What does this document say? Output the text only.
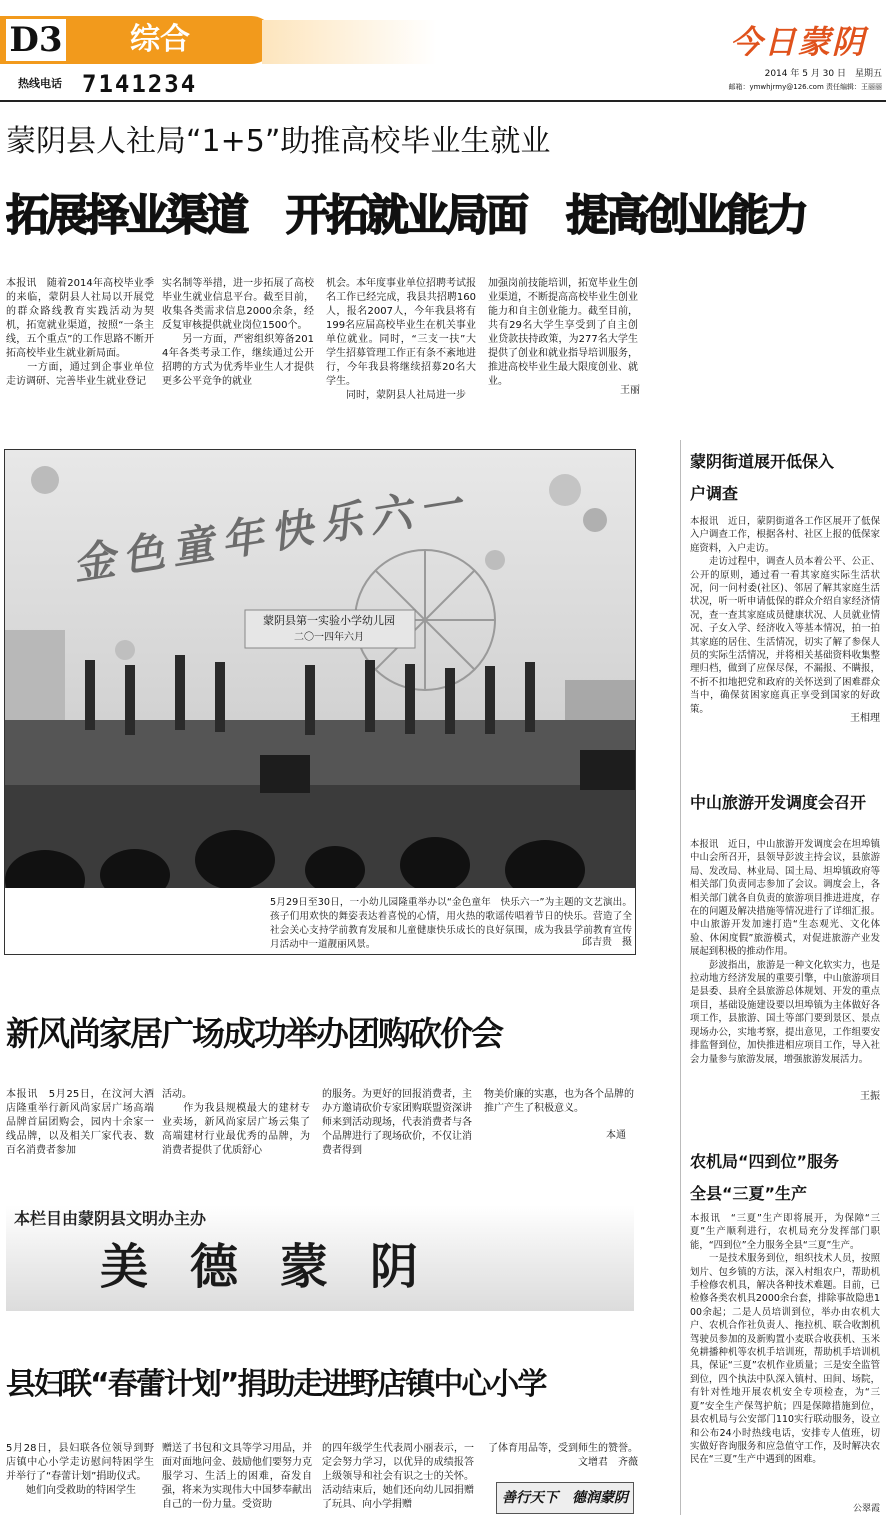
D3 综合	今日蒙阴
热线电话 7141234	2014 年 5 月 30 日　星期五
邮箱：ymwhjrmy@126.com 责任编辑：王丽丽
蒙阴县人社局“1+5”助推高校毕业生就业
拓展择业渠道　开拓就业局面　提高创业能力
本报讯　随着2014年高校毕业季的来临，蒙阴县人社局以开展党的群众路线教育实践活动为契机，拓宽就业渠道，按照“一条主线，五个重点”的工作思路不断开拓高校毕业生就业新局面。
　　一方面，通过到企事业单位走访调研、完善毕业生就业登记
实名制等举措，进一步拓展了高校毕业生就业信息平台。截至目前，收集各类需求信息2000余条，经反复审核提供就业岗位1500个。
　　另一方面，严密组织筹备2014年各类考录工作，继续通过公开招聘的方式为优秀毕业生人才提供更多公平竞争的就业
机会。本年度事业单位招聘考试报名工作已经完成，我县共招聘160人，报名2007人，今年我县将有199名应届高校毕业生在机关事业单位就业。同时，“三支一扶”大学生招募管理工作正有条不紊地进行，今年我县将继续招募20名大学生。
　　同时，蒙阴县人社局进一步
加强岗前技能培训，拓宽毕业生创业渠道，不断提高高校毕业生创业能力和自主创业能力。截至目前，共有29名大学生享受到了自主创业贷款扶持政策，为277名大学生提供了创业和就业指导培训服务，推进高校毕业生最大限度创业、就业。
王丽
金色童年快乐六一
蒙阴县第一实验小学幼儿园
二〇一四年六月
5月29日至30日，一小幼儿园隆重举办以“金色童年　快乐六一”为主题的文艺演出。孩子们用欢快的舞姿表达着喜悦的心情，用火热的歌谣传唱着节日的快乐。营造了全社会关心支持学前教育发展和儿童健康快乐成长的良好氛围，成为我县学前教育宣传月活动中一道靓丽风景。	邱吉贵　摄
新风尚家居广场成功举办团购砍价会
本报讯　5月25日，在汶河大酒店隆重举行新风尚家居广场高端品牌首届团购会，园内十余家一线品牌，以及相关厂家代表、数百名消费者参加
活动。
　　作为我县规模最大的建材专业卖场，新风尚家居广场云集了高端建材行业最优秀的品牌，为消费者提供了优质舒心
的服务。为更好的回报消费者，主办方邀请砍价专家团购联盟资深讲师来到活动现场，代表消费者与各个品牌进行了现场砍价，不仅让消费者得到
物美价廉的实惠，也为各个品牌的推广产生了积极意义。
本通
本栏目由蒙阴县文明办主办
美德蒙阴
县妇联“春蕾计划”捐助走进野店镇中心小学
5月28日，县妇联各位领导到野店镇中心小学走访慰问特困学生并举行了“春蕾计划”捐助仪式。
　　她们向受救助的特困学生
赠送了书包和文具等学习用品，并面对面地问金、鼓励他们要努力克服学习、生活上的困难，奋发自强，将来为实现伟大中国梦奉献出自己的一份力量。受资助
的四年级学生代表周小丽表示，一定会努力学习，以优异的成绩报答上级领导和社会有识之士的关怀。活动结束后，她们还向幼儿园捐赠了玩具、向小学捐赠
了体育用品等，受到师生的赞誉。
文增君　齐薇
善行天下　德润蒙阴
蒙阴街道展开低保入户调查
本报讯　近日，蒙阴街道各工作区展开了低保入户调查工作，根据各村、社区上报的低保家庭资料，入户走访。
　　走访过程中，调查人员本着公平、公正、公开的原则，通过看一看其家庭实际生活状况，问一问村委(社区)、邻居了解其家庭生活状况，听一听申请低保的群众介绍自家经济情况，查一查其家庭成员健康状况、人员就业情况、子女入学、经济收入等基本情况，拍一拍其家庭的居住、生活情况，切实了解了参保人员的实际生活情况，并将相关基础资料收集整理归档，做到了应保尽保，不漏报、不瞒报，不折不扣地把党和政府的关怀送到了困难群众当中，确保贫困家庭真正享受到国家的好政策。
王相理
中山旅游开发调度会召开
本报讯　近日，中山旅游开发调度会在坦埠镇中山会所召开，县领导彭波主持会议，县旅游局、发改局、林业局、国土局、坦埠镇政府等相关部门负责同志参加了会议。调度会上，各相关部门就各自负责的旅游项目推进进度，存在的问题及解决措施等情况进行了详细汇报。中山旅游开发加速打造“生态观光、文化体验、休闲度假”旅游模式，对促进旅游产业发展起到积极的推动作用。
　　彭波指出，旅游是一种文化软实力，也是拉动地方经济发展的重要引擎，中山旅游项目是县委、县府全县旅游总体规划、开发的重点项目，基础设施建设要以坦埠镇为主体做好各项工作，县旅游、国土等部门要到景区、景点现场办公，实地考察，提出意见，工作组要安排监督到位，加快推进相应项目工作，导入社会力量参与旅游发展，增强旅游发展活力。
王振
农机局“四到位”服务全县“三夏”生产
本报讯　“三夏”生产即将展开，为保障“三夏”生产顺利进行，农机局充分发挥部门职能，“四到位”全力服务全县“三夏”生产。
　　一是技术服务到位，组织技术人员，按照划片、包乡镇的方法，深入村组农户，帮助机手检修农机具，解决各种技术难题。目前，已检修各类农机具2000余台套，排除事故隐患100余起；二是人员培训到位，举办由农机大户、农机合作社负责人、拖拉机、联合收割机驾驶员参加的及新购置小麦联合收获机、玉米免耕播种机等农机手培训班，帮助机手培训机具，保证“三夏”农机作业质量；三是安全监管到位，四个执法中队深入镇村、田间、场院，有针对性地开展农机安全专项检查，为“三夏”安全生产保驾护航；四是保障措施到位，县农机局与公安部门110实行联动服务，设立和公布24小时热线电话，安排专人值班，切实做好咨询服务和应急值守工作，及时解决农民在“三夏”生产中遇到的困难。
公翠霞
